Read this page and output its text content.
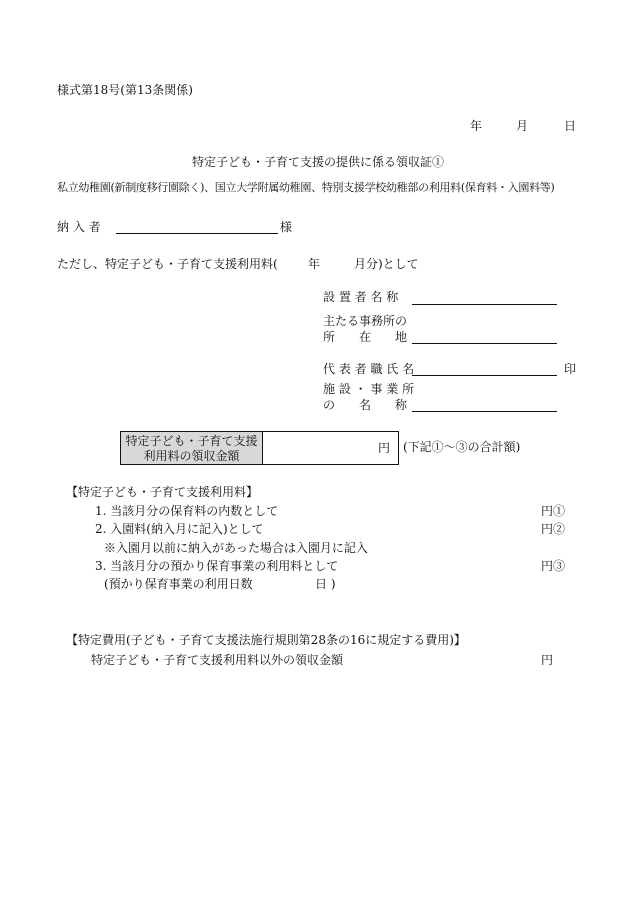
様式第18号(第13条関係)
年	月	日
特定子ども・子育て支援の提供に係る領収証①
私立幼稚園(新制度移行園除く)、国立大学附属幼稚園、特別支援学校幼稚部の利用料(保育料・入園料等)
納 入 者	様
ただし、特定子ども・子育て支援利用料(	年	月分)として
設 置 者 名 称
主たる事務所の
所　　在　　地
代 表 者 職 氏 名	印
施 設 ・ 事 業 所
の　　名　　称
特定子ども・子育て支援
利用料の領収金額
円 (下記①～③の合計額)
【特定子ども・子育て支援利用料】
1. 当該月分の保育料の内数として	円①
2. 入園料(納入月に記入)として	円②
※入園月以前に納入があった場合は入園月に記入
3. 当該月分の預かり保育事業の利用料として	円③
(預かり保育事業の利用日数	日 )
【特定費用(子ども・子育て支援法施行規則第28条の16に規定する費用)】
特定子ども・子育て支援利用料以外の領収金額	円
